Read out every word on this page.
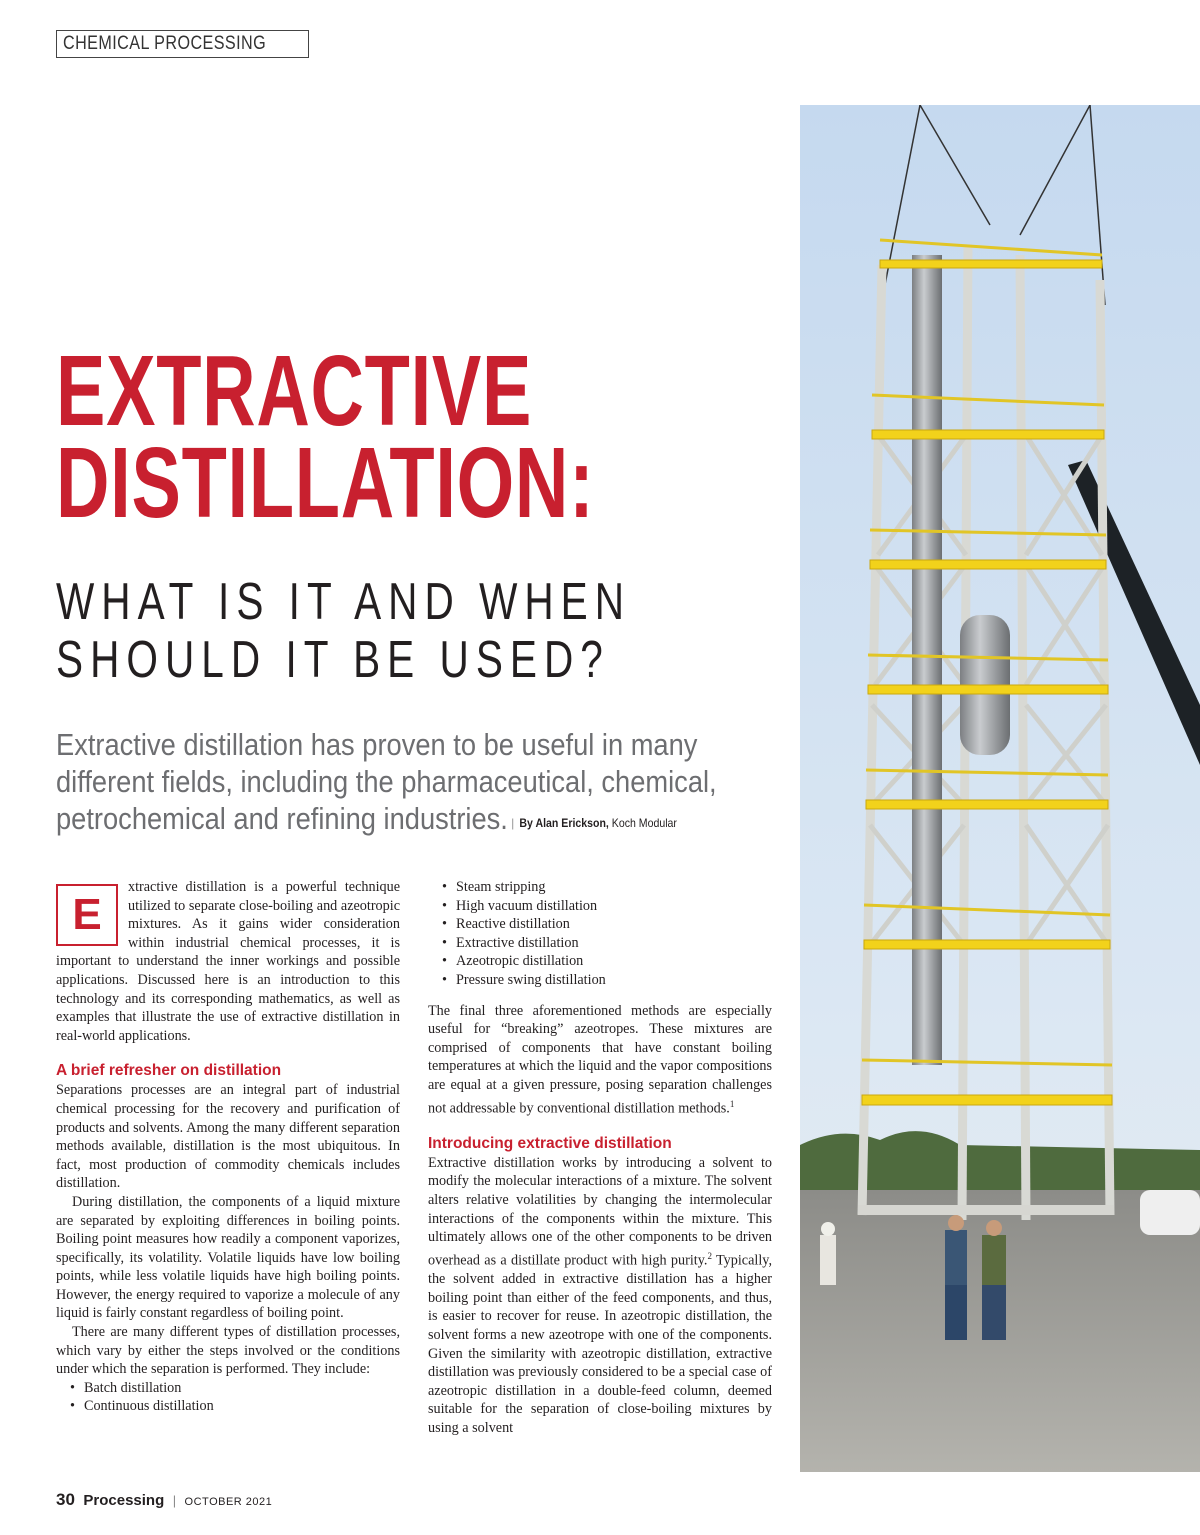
CHEMICAL PROCESSING
EXTRACTIVE
DISTILLATION:
WHAT IS IT AND WHEN
SHOULD IT BE USED?
Extractive distillation has proven to be useful in many
different fields, including the pharmaceutical, chemical,
petrochemical and refining industries. | By Alan Erickson, Koch Modular

E
xtractive distillation is a powerful technique utilized to separate close-boiling and azeotropic mixtures. As it gains wider consideration within industrial chemical processes, it is important to understand the inner workings and possible applications. Discussed here is an introduction to this technology and its corresponding mathematics, as well as examples that illustrate the use of extractive distillation in real-world applications.

A brief refresher on distillation

Separations processes are an integral part of industrial chemical processing for the recovery and purification of products and solvents. Among the many different separation methods available, distillation is the most ubiquitous. In fact, most production of commodity chemicals includes distillation.

During distillation, the components of a liquid mixture are separated by exploiting differences in boiling points. Boiling point measures how readily a component vaporizes, specifically, its volatility. Volatile liquids have low boiling points, while less volatile liquids have high boiling points. However, the energy required to vaporize a molecule of any liquid is fairly constant regardless of boiling point.

There are many different types of distillation processes, which vary by either the steps involved or the conditions under which the separation is performed. They include:

• Batch distillation
• Continuous distillation
• Steam stripping
• High vacuum distillation
• Reactive distillation
• Extractive distillation
• Azeotropic distillation
• Pressure swing distillation

The final three aforementioned methods are especially useful for “breaking” azeotropes. These mixtures are comprised of components that have constant boiling temperatures at which the liquid and the vapor compositions are equal at a given pressure, posing separation challenges not addressable by conventional distillation methods.$^1$

Introducing extractive distillation

Extractive distillation works by introducing a solvent to modify the molecular interactions of a mixture. The solvent alters relative volatilities by changing the intermolecular interactions of the components within the mixture. This ultimately allows one of the other components to be driven overhead as a distillate product with high purity.$^2$ Typically, the solvent added in extractive distillation has a higher boiling point than either of the feed components, and thus, is easier to recover for reuse. In azeotropic distillation, the solvent forms a new azeotrope with one of the components. Given the similarity with azeotropic distillation, extractive distillation was previously considered to be a special case of azeotropic distillation in a double-feed column, deemed suitable for the separation of close-boiling mixtures by using a solvent

30 Processing | OCTOBER 2021
